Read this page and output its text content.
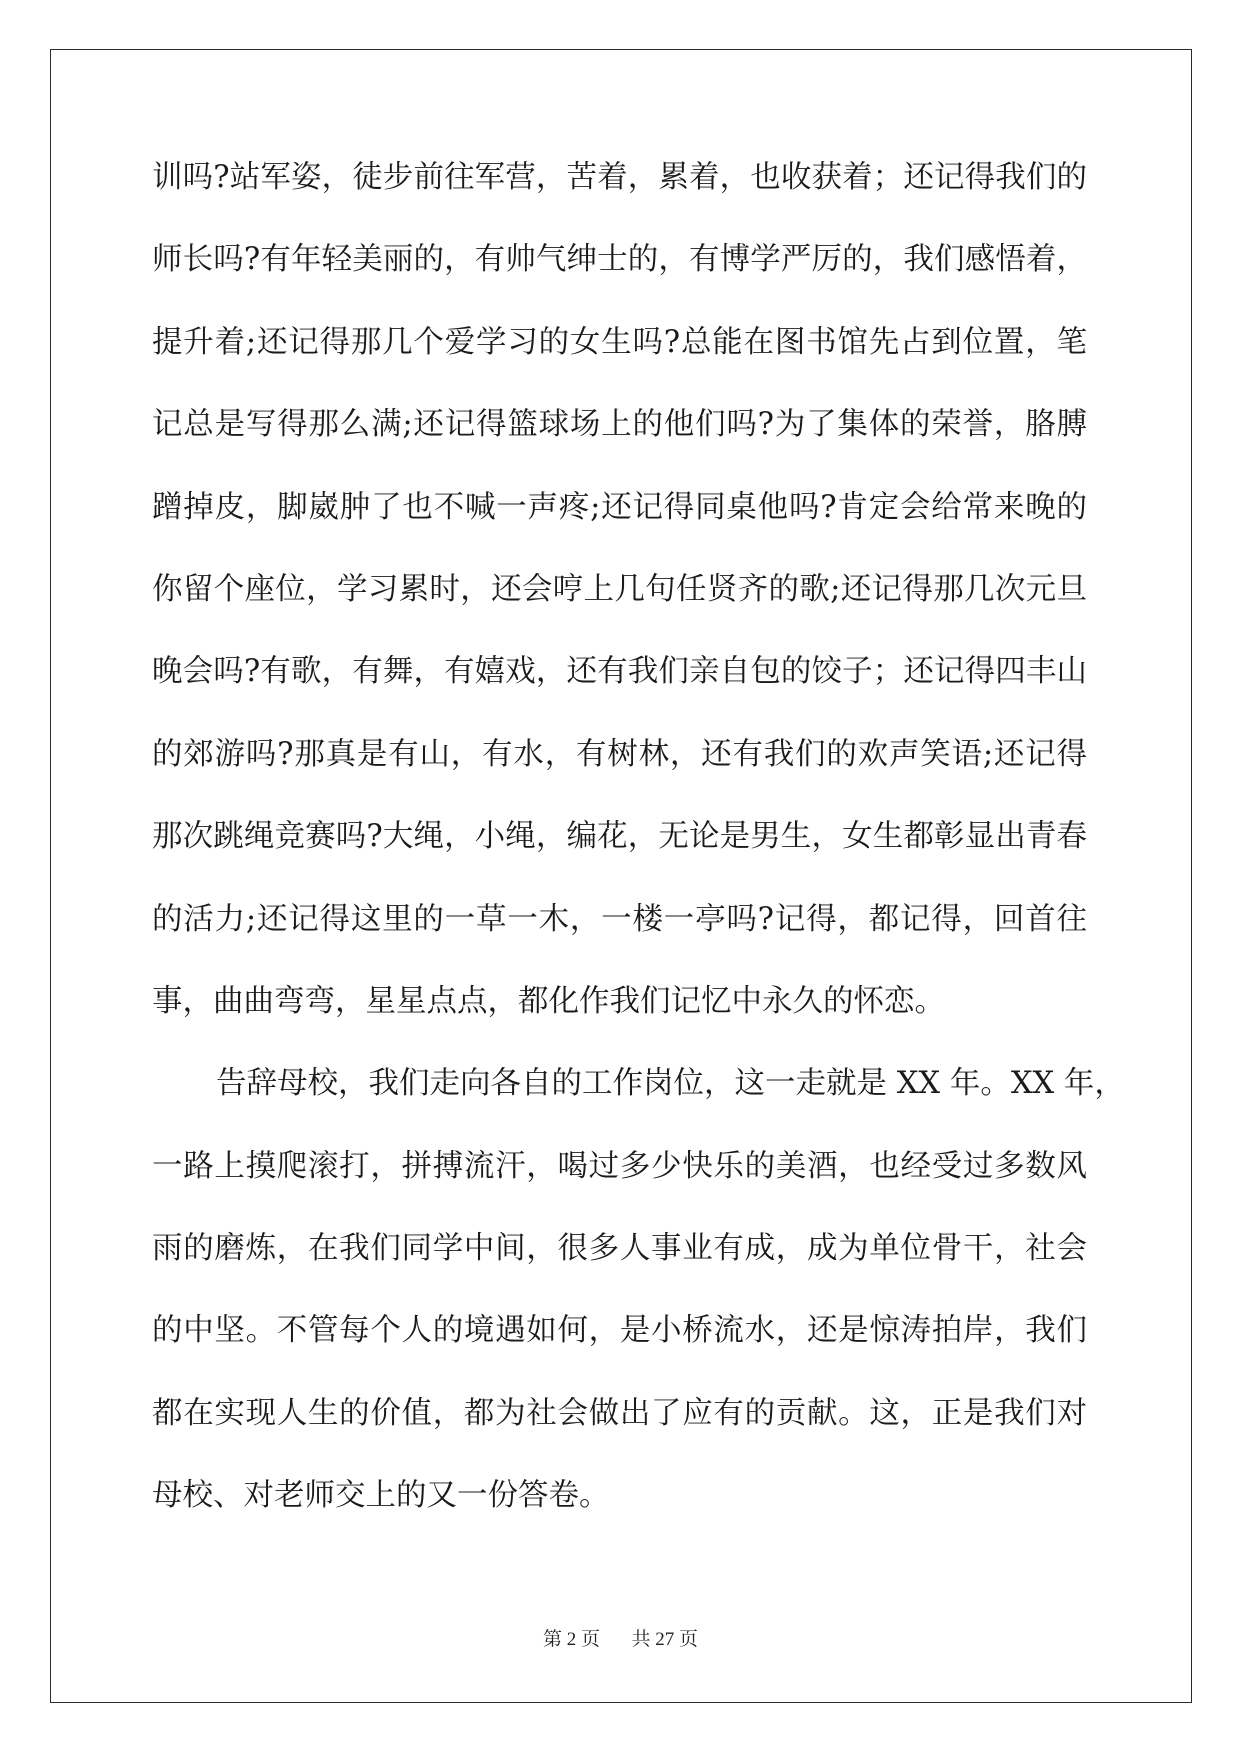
训吗?站军姿，徒步前往军营，苦着，累着，也收获着；还记得我们的
师长吗?有年轻美丽的，有帅气绅士的，有博学严厉的，我们感悟着，
提升着;还记得那几个爱学习的女生吗?总能在图书馆先占到位置，笔
记总是写得那么满;还记得篮球场上的他们吗?为了集体的荣誉，胳膊
蹭掉皮，脚崴肿了也不喊一声疼;还记得同桌他吗?肯定会给常来晚的
你留个座位，学习累时，还会哼上几句任贤齐的歌;还记得那几次元旦
晚会吗?有歌，有舞，有嬉戏，还有我们亲自包的饺子；还记得四丰山
的郊游吗?那真是有山，有水，有树林，还有我们的欢声笑语;还记得
那次跳绳竞赛吗?大绳，小绳，编花，无论是男生，女生都彰显出青春
的活力;还记得这里的一草一木，一楼一亭吗?记得，都记得，回首往
事，曲曲弯弯，星星点点，都化作我们记忆中永久的怀恋。
告辞母校，我们走向各自的工作岗位，这一走就是 XX 年。XX 年，
一路上摸爬滚打，拼搏流汗，喝过多少快乐的美酒，也经受过多数风
雨的磨炼，在我们同学中间，很多人事业有成，成为单位骨干，社会
的中坚。不管每个人的境遇如何，是小桥流水，还是惊涛拍岸，我们
都在实现人生的价值，都为社会做出了应有的贡献。这，正是我们对
母校、对老师交上的又一份答卷。
第 2 页 共 27 页
